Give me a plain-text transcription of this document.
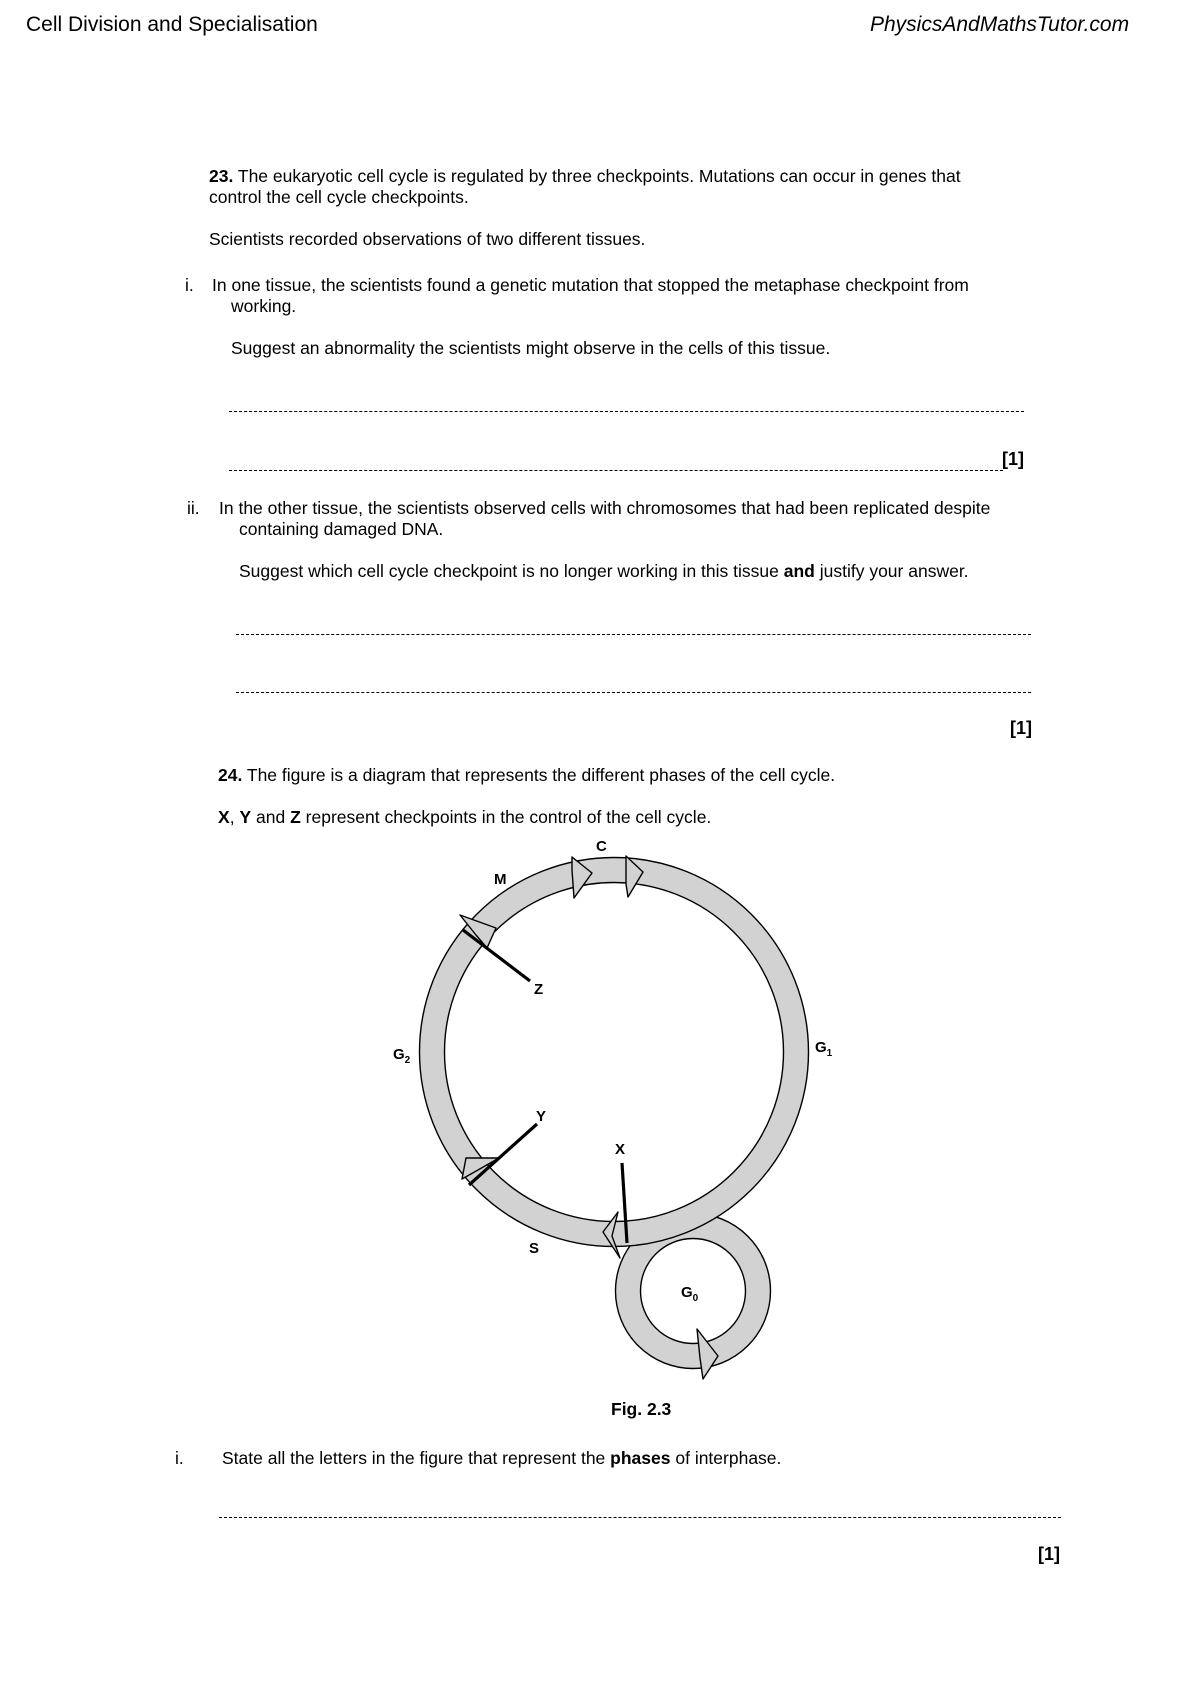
Cell Division and Specialisation	PhysicsAndMathsTutor.com
23. The eukaryotic cell cycle is regulated by three checkpoints. Mutations can occur in genes that
control the cell cycle checkpoints.
Scientists recorded observations of two different tissues.
i. In one tissue, the scientists found a genetic mutation that stopped the metaphase checkpoint from
working.
Suggest an abnormality the scientists might observe in the cells of this tissue.
[1]
ii. In the other tissue, the scientists observed cells with chromosomes that had been replicated despite
containing damaged DNA.
Suggest which cell cycle checkpoint is no longer working in this tissue and justify your answer.
[1]
24. The figure is a diagram that represents the different phases of the cell cycle.
X, Y and Z represent checkpoints in the control of the cell cycle.
C
M
Z
$G_2$
$G_1$
Y
X
S
$G_0$
Fig. 2.3
i. State all the letters in the figure that represent the phases of interphase.
[1]
